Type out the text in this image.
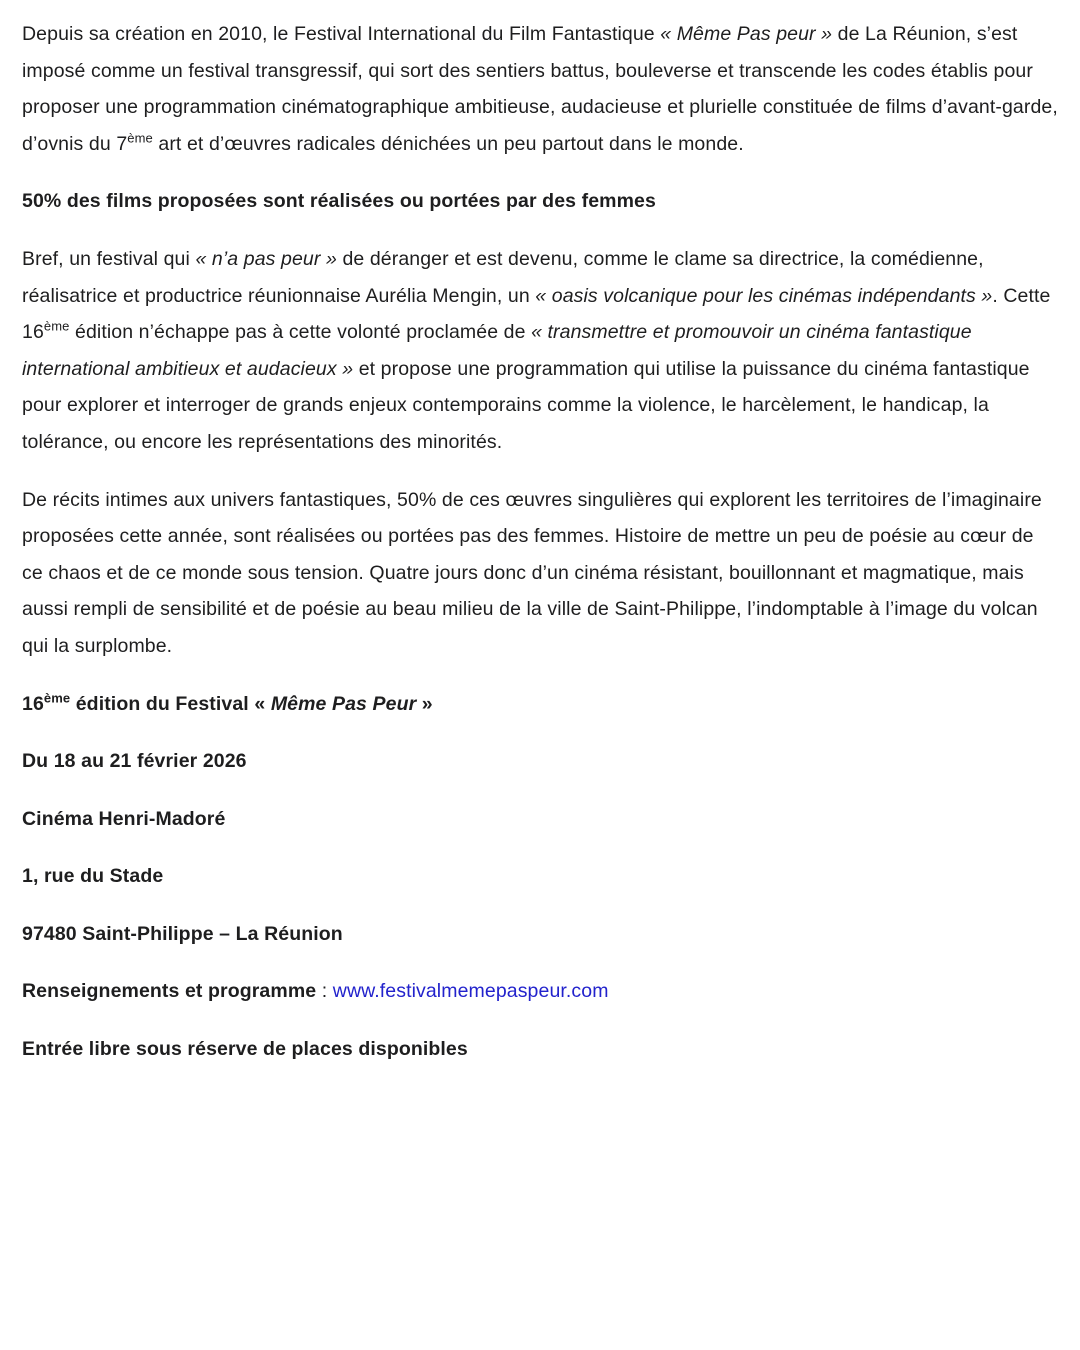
Depuis sa création en 2010, le Festival International du Film Fantastique « Même Pas peur » de La Réunion, s’est imposé comme un festival transgressif, qui sort des sentiers battus, bouleverse et transcende les codes établis pour proposer une programmation cinématographique ambitieuse, audacieuse et plurielle constituée de films d’avant-garde, d’ovnis du 7ème art et d’œuvres radicales dénichées un peu partout dans le monde.

50% des films proposées sont réalisées ou portées par des femmes

Bref, un festival qui « n’a pas peur » de déranger et est devenu, comme le clame sa directrice, la comédienne, réalisatrice et productrice réunionnaise Aurélia Mengin, un « oasis volcanique pour les cinémas indépendants ». Cette 16ème édition n’échappe pas à cette volonté proclamée de « transmettre et promouvoir un cinéma fantastique international ambitieux et audacieux » et propose une programmation qui utilise la puissance du cinéma fantastique pour explorer et interroger de grands enjeux contemporains comme la violence, le harcèlement, le handicap, la tolérance, ou encore les représentations des minorités.

De récits intimes aux univers fantastiques, 50% de ces œuvres singulières qui explorent les territoires de l’imaginaire proposées cette année, sont réalisées ou portées pas des femmes. Histoire de mettre un peu de poésie au cœur de ce chaos et de ce monde sous tension. Quatre jours donc d’un cinéma résistant, bouillonnant et magmatique, mais aussi rempli de sensibilité et de poésie au beau milieu de la ville de Saint-Philippe, l’indomptable à l’image du volcan qui la surplombe.

16ème édition du Festival « Même Pas Peur »

Du 18 au 21 février 2026

Cinéma Henri-Madoré

1, rue du Stade

97480 Saint-Philippe – La Réunion

Renseignements et programme : www.festivalmemepaspeur.com

Entrée libre sous réserve de places disponibles
